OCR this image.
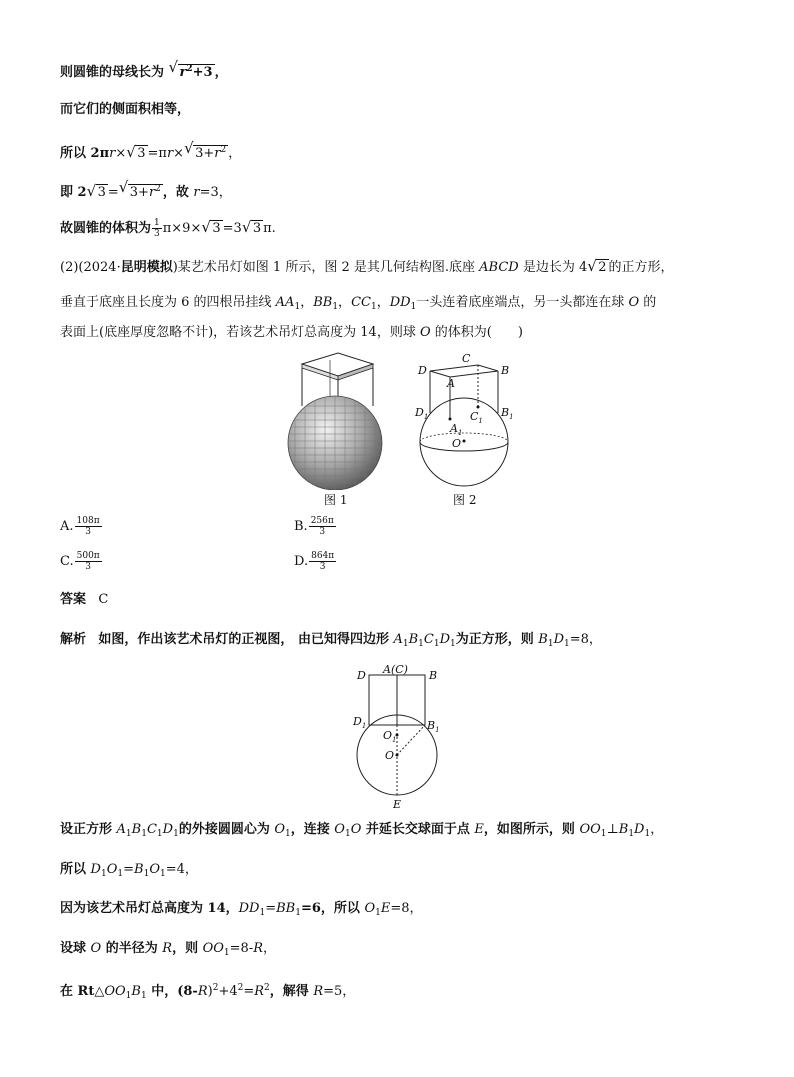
则圆锥的母线长为 √ $r^2+3$ ，
而它们的侧面积相等，
所以 2πr×√ 3 =πr×√ $3+r^2$ ，
即 2√ 3 =√ $3+r^2$ ，故 r=3，
故圆锥的体积为 $\frac{1}{3} \pi\times 9\times√$ 3 =3√ 3 π.
(2)(2024·昆明模拟)某艺术吊灯如图 1 所示，图 2 是其几何结构图.底座 ABCD 是边长为 4√ 2 的正方形，
垂直于底座且长度为 6 的四根吊挂线 $AA_1$，$BB_1$，$CC_1$，$DD_1$一头连着底座端点，另一头都连在球 O 的
表面上(底座厚度忽略不计)，若该艺术吊灯总高度为 14，则球 O 的体积为(　　)
图 1
C
D
A
B
$D_1$	$C_1$
$B_1$
$A_1$
O
图 2
A. $\frac{108\pi}{3}$	B. $\frac{256\pi}{3}$
C. $\frac{500\pi}{3}$	D. $\frac{864\pi}{3}$
答案 C
解析 如图，作出该艺术吊灯的正视图， 由已知得四边形 $A_1B_1C_1D_1$为正方形，则 $B_1D_1=8$，
D A(C) B
$D_1$	$B_1$
$O_1$
O
E
设正方形 $A_1B_1C_1D_1$的外接圆圆心为 $O_1$，连接 $O_1O$ 并延长交球面于点 E，如图所示，则 $OO_1\perp B_1D_1$，
所以 $D_1O_1=B_1O_1=4$，
因为该艺术吊灯总高度为 14，$DD_1=BB_1=6$，所以 $O_1E=8$，
设球 O 的半径为 R，则 $OO_1=8-R$，
在 $Rt\triangle OO_1B_1$ 中，$(8-R)^2+4^2=R^2$，解得 R=5，
